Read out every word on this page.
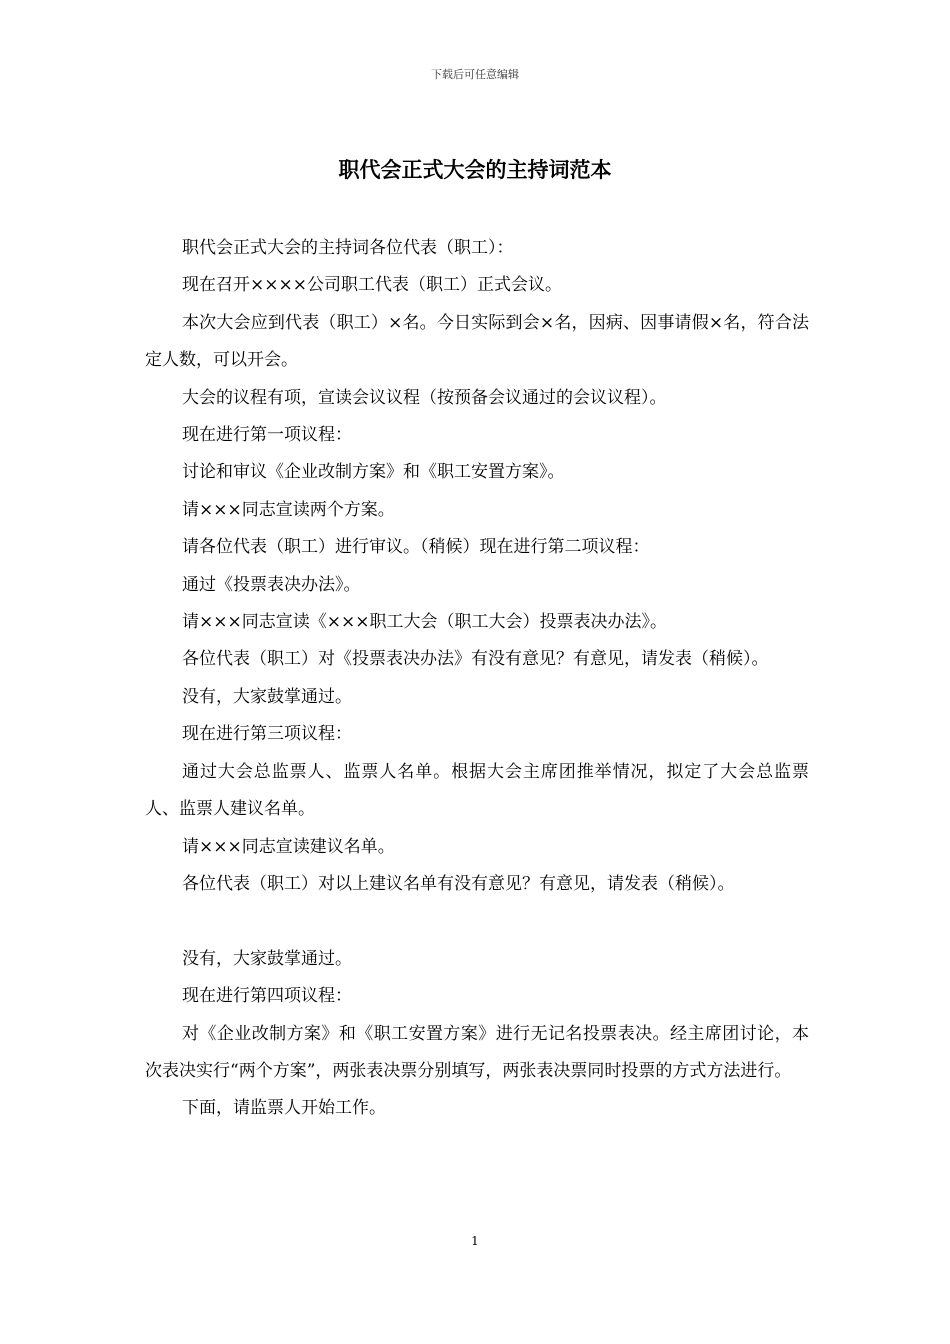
下载后可任意编辑
职代会正式大会的主持词范本

职代会正式大会的主持词各位代表（职工）：

现在召开××××公司职工代表（职工）正式会议。

本次大会应到代表（职工）×名。今日实际到会×名，因病、因事请假×名，符合法定人数，可以开会。

大会的议程有项，宣读会议议程（按预备会议通过的会议议程）。

现在进行第一项议程：

讨论和审议《企业改制方案》和《职工安置方案》。

请×××同志宣读两个方案。

请各位代表（职工）进行审议。（稍候）现在进行第二项议程：

通过《投票表决办法》。

请×××同志宣读《×××职工大会（职工大会）投票表决办法》。

各位代表（职工）对《投票表决办法》有没有意见？有意见，请发表（稍候）。

没有，大家鼓掌通过。

现在进行第三项议程：

通过大会总监票人、监票人名单。根据大会主席团推举情况，拟定了大会总监票人、监票人建议名单。

请×××同志宣读建议名单。

各位代表（职工）对以上建议名单有没有意见？有意见，请发表（稍候）。

没有，大家鼓掌通过。

现在进行第四项议程：

对《企业改制方案》和《职工安置方案》进行无记名投票表决。经主席团讨论，本次表决实行“两个方案”，两张表决票分别填写，两张表决票同时投票的方式方法进行。

下面，请监票人开始工作。

1
